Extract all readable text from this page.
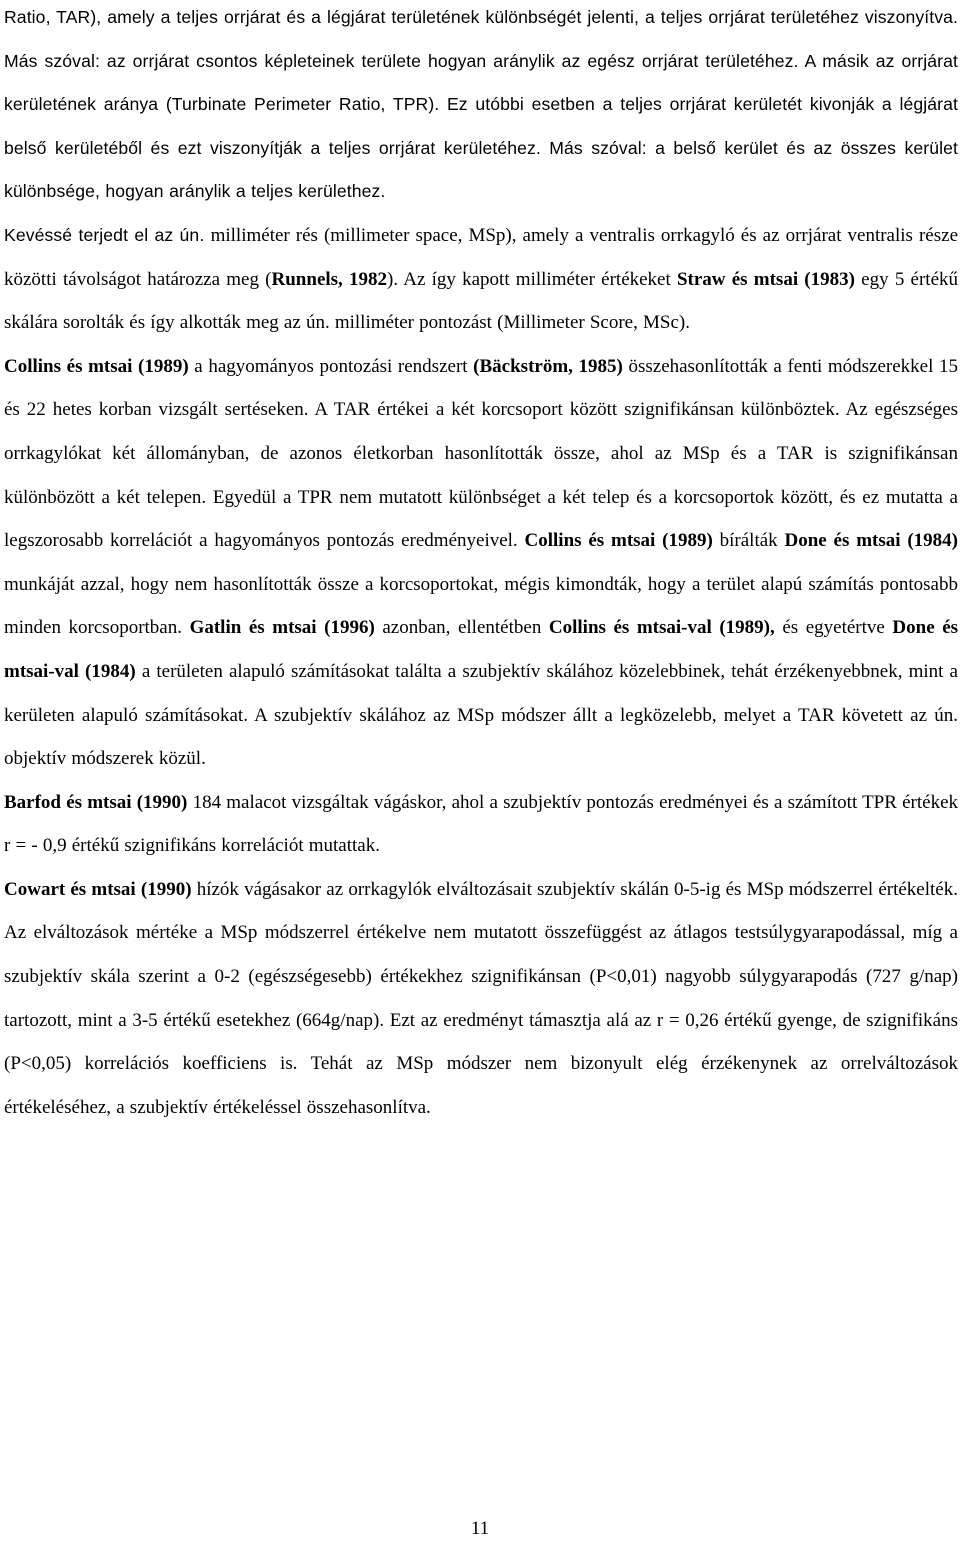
Ratio, TAR), amely a teljes orrjárat és a légjárat területének különbségét jelenti, a teljes orrjárat területéhez viszonyítva. Más szóval: az orrjárat csontos képleteinek területe hogyan aránylik az egész orrjárat területéhez. A másik az orrjárat kerületének aránya (Turbinate Perimeter Ratio, TPR). Ez utóbbi esetben a teljes orrjárat kerületét kivonják a légjárat belső kerületéből és ezt viszonyítják a teljes orrjárat kerületéhez. Más szóval: a belső kerület és az összes kerület különbsége, hogyan aránylik a teljes kerülethez.

Kevéssé terjedt el az ún. milliméter rés (millimeter space, MSp), amely a ventralis orrkagyló és az orrjárat ventralis része közötti távolságot határozza meg (Runnels, 1982). Az így kapott milliméter értékeket Straw és mtsai (1983) egy 5 értékű skálára sorolták és így alkották meg az ún. milliméter pontozást (Millimeter Score, MSc).

Collins és mtsai (1989) a hagyományos pontozási rendszert (Bäckström, 1985) összehasonlították a fenti módszerekkel 15 és 22 hetes korban vizsgált sertéseken. A TAR értékei a két korcsoport között szignifikánsan különböztek. Az egészséges orrkagylókat két állományban, de azonos életkorban hasonlították össze, ahol az MSp és a TAR is szignifikánsan különbözött a két telepen. Egyedül a TPR nem mutatott különbséget a két telep és a korcsoportok között, és ez mutatta a legszorosabb korrelációt a hagyományos pontozás eredményeivel. Collins és mtsai (1989) bírálták Done és mtsai (1984) munkáját azzal, hogy nem hasonlították össze a korcsoportokat, mégis kimondták, hogy a terület alapú számítás pontosabb minden korcsoportban. Gatlin és mtsai (1996) azonban, ellentétben Collins és mtsai-val (1989), és egyetértve Done és mtsai-val (1984) a területen alapuló számításokat találta a szubjektív skálához közelebbinek, tehát érzékenyebbnek, mint a kerületen alapuló számításokat. A szubjektív skálához az MSp módszer állt a legközelebb, melyet a TAR követett az ún. objektív módszerek közül.

Barfod és mtsai (1990) 184 malacot vizsgáltak vágáskor, ahol a szubjektív pontozás eredményei és a számított TPR értékek r = - 0,9 értékű szignifikáns korrelációt mutattak.

Cowart és mtsai (1990) hízók vágásakor az orrkagylók elváltozásait szubjektív skálán 0-5-ig és MSp módszerrel értékelték. Az elváltozások mértéke a MSp módszerrel értékelve nem mutatott összefüggést az átlagos testsúlygyarapodással, míg a szubjektív skála szerint a 0-2 (egészségesebb) értékekhez szignifikánsan (P<0,01) nagyobb súlygyarapodás (727 g/nap) tartozott, mint a 3-5 értékű esetekhez (664g/nap). Ezt az eredményt támasztja alá az r = 0,26 értékű gyenge, de szignifikáns (P<0,05) korrelációs koefficiens is. Tehát az MSp módszer nem bizonyult elég érzékenynek az orrelváltozások értékeléséhez, a szubjektív értékeléssel összehasonlítva.

11
